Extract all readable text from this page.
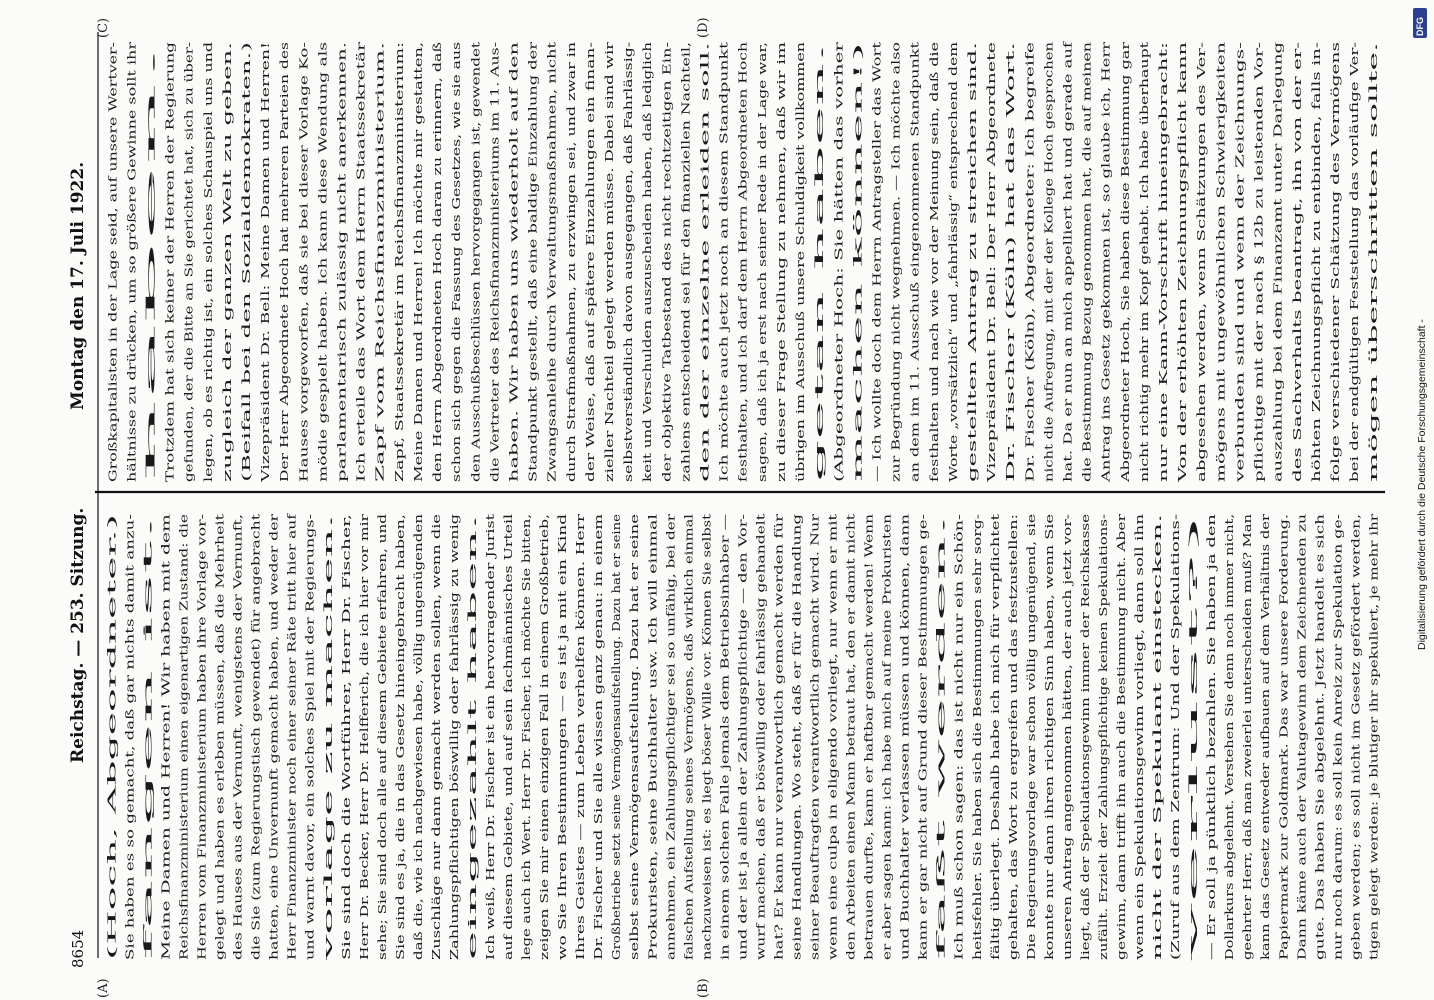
8654
Reichstag. — 253. Sitzung.
Montag den 17. Juli 1922.
(A)	(B)
(C)	(D)
(Hoch, Abgeordneter.) Sie haben es so gemacht, daß gar nichts damit anzu- fangen ist. Meine Damen und Herren! Wir haben mit dem Reichsfinanzministerium einen eigenartigen Zustand: die Herren vom Finanzministerium haben ihre Vorlage vor- gelegt und haben es erleben müssen, daß die Mehrheit des Hauses aus der Vernunft, wenigstens der Vernunft, die Sie (zum Regierungstisch gewendet) für angebracht hatten, eine Unvernunft gemacht haben, und weder der Herr Finanzminister noch einer seiner Räte tritt hier auf und warnt davor, ein solches Spiel mit der Regierungs- vorlage zu machen. Sie sind doch die Wortführer, Herr Dr. Fischer, Herr Dr. Becker, Herr Dr. Helfferich, die ich hier vor mir sehe; Sie sind doch alle auf diesem Gebiete erfahren, und Sie sind es ja, die in das Gesetz hineingebracht haben, daß die, wie ich nachgewiesen habe, völlig ungenügenden Zuschläge nur dann gemacht werden sollen, wenn die Zahlungspflichtigen böswillig oder fahrlässig zu wenig eingezahlt haben. Ich weiß, Herr Dr. Fischer ist ein hervorragender Jurist auf diesem Gebiete, und auf sein fachmännisches Urteil lege auch ich Wert. Herr Dr. Fischer, ich möchte Sie bitten, zeigen Sie mir einen einzigen Fall in einem Großbetrieb, wo Sie Ihren Bestimmungen — es ist ja mit ein Kind Ihres Geistes — zum Leben verhelfen können. Herr Dr. Fischer und Sie alle wissen ganz genau: in einem Großbetriebe setzt seine Vermögensaufstellung. Dazu hat er seine selbst seine Vermögensaufstellung. Dazu hat er seine Prokuristen, seine Buchhalter usw. Ich will einmal annehmen, ein Zahlungspflichtiger sei so unfähig, bei der falschen Aufstellung seines Vermögens, daß wirklich einmal nachzuweisen ist: es liegt böser Wille vor. Können Sie selbst in einem solchen Falle jemals dem Betriebsinhaber — und der ist ja allein der Zahlungspflichtige — den Vor- wurf machen, daß er böswillig oder fahrlässig gehandelt hat? Er kann nur verantwortlich gemacht werden für seine Handlungen. Wo steht, daß er für die Handlung seiner Beauftragten verantwortlich gemacht wird. Nur wenn eine culpa in eligendo vorliegt, nur wenn er mit den Arbeiten einen Mann betraut hat, den er damit nicht betrauen durfte, kann er haftbar gemacht werden! Wenn er aber sagen kann: ich habe mich auf meine Prokuristen und Buchhalter verlassen müssen und können, dann kann er gar nicht auf Grund dieser Bestimmungen ge- faßt werden. Ich muß schon sagen: das ist nicht nur ein Schön- heitsfehler. Sie haben sich die Bestimmungen sehr sorg- fältig überlegt. Deshalb habe ich mich für verpflichtet gehalten, das Wort zu ergreifen und das festzustellen: Die Regierungsvorlage war schon völlig ungenügend, sie konnte nur dann ihren richtigen Sinn haben, wenn Sie unseren Antrag angenommen hätten, der auch jetzt vor- liegt, daß der Spekulationsgewinn immer der Reichskasse zufällt. Erzielt der Zahlungspflichtige keinen Spekulations- gewinn, dann trifft ihn auch die Bestimmung nicht. Aber wenn ein Spekulationsgewinn vorliegt, dann soll ihn nicht der Spekulant einstecken. (Zuruf aus dem Zentrum: Und der Spekulations- verlust?) — Er soll ja pünktlich bezahlen. Sie haben ja den Dollarkurs abgelehnt. Verstehen Sie denn noch immer nicht, geehrter Herr, daß man zweierlei unterscheiden muß? Man kann das Gesetz entweder aufbauen auf dem Verhältnis der Papiermark zur Goldmark. Das war unsere Forderung. Dann käme auch der Valutagewinn dem Zeichnenden zu gute. Das haben Sie abgelehnt. Jetzt handelt es sich nur noch darum: es soll kein Anreiz zur Spekulation ge- geben werden; es soll nicht im Gesetz gefördert werden, tigen gelegt werden: je blutiger ihr spekuliert, je mehr ihr
Großkapitalisten in der Lage seid, auf unsere Wertver- hältnisse zu drücken, um so größere Gewinne sollt ihr haben. Trotzdem hat sich keiner der Herren der Regierung gefunden, der die Bitte an Sie gerichtet hat, sich zu über- legen, ob es richtig ist, ein solches Schauspiel uns und zugleich der ganzen Welt zu geben. (Beifall bei den Sozialdemokraten.) Vizepräsident Dr. Bell: Meine Damen und Herren! Der Herr Abgeordnete Hoch hat mehreren Parteien des Hauses vorgeworfen, daß sie bei dieser Vorlage Ko- mödie gespielt haben. Ich kann diese Wendung als parlamentarisch zulässig nicht anerkennen. Ich erteile das Wort dem Herrn Staatssekretär Zapf vom Reichsfinanzministerium. Zapf, Staatssekretär im Reichsfinanzministerium: Meine Damen und Herren! Ich möchte mir gestatten, den Herrn Abgeordneten Hoch daran zu erinnern, daß schon sich gegen die Fassung des Gesetzes, wie sie aus den Ausschußbeschlüssen hervorgegangen ist, gewendet die Vertreter des Reichsfinanzministeriums im 11. Aus- haben. Wir haben uns wiederholt auf den Standpunkt gestellt, daß eine baldige Einzahlung der Zwangsanleihe durch Verwaltungsmaßnahmen, nicht durch Strafmaßnahmen, zu erzwingen sei, und zwar in der Weise, daß auf spätere Einzahlungen ein finan- zieller Nachteil gelegt werden müsse. Dabei sind wir selbstverständlich davon ausgegangen, daß Fahrlässig- keit und Verschulden auszuscheiden haben, daß lediglich der objektive Tatbestand des nicht rechtzeitigen Ein- zahlens entscheidend sei für den finanziellen Nachteil, den der einzelne erleiden soll. Ich möchte auch jetzt noch an diesem Standpunkt festhalten, und ich darf dem Herrn Abgeordneten Hoch sagen, daß ich ja erst nach seiner Rede in der Lage war, zu dieser Frage Stellung zu nehmen, daß wir im übrigen im Ausschuß unsere Schuldigkeit vollkommen getan haben. (Abgeordneter Hoch: Sie hätten das vorher machen können!) — Ich wollte doch dem Herrn Antragsteller das Wort zur Begründung nicht wegnehmen. — Ich möchte also an dem im 11. Ausschuß eingenommenen Standpunkt festhalten und nach wie vor der Meinung sein, daß die Worte „vorsätzlich“ und „fahrlässig“ entsprechend dem gestellten Antrag zu streichen sind. Vizepräsident Dr. Bell: Der Herr Abgeordnete Dr. Fischer (Köln) hat das Wort. Dr. Fischer (Köln), Abgeordneter: Ich begreife nicht die Aufregung, mit der der Kollege Hoch gesprochen hat. Da er nun an mich appelliert hat und gerade auf die Bestimmung Bezug genommen hat, die auf meinen Antrag ins Gesetz gekommen ist, so glaube ich, Herr Abgeordneter Hoch, Sie haben diese Bestimmung gar nicht richtig mehr im Kopf gehabt. Ich habe überhaupt nur eine Kann-Vorschrift hineingebracht: Von der erhöhten Zeichnungspflicht kann abgesehen werden, wenn Schätzungen des Ver- mögens mit ungewöhnlichen Schwierigkeiten verbunden sind und wenn der Zeichnungs- pflichtige mit der nach § 12b zu leistenden Vor- auszahlung bei dem Finanzamt unter Darlegung des Sachverhalts beantragt, ihn von der er- höhten Zeichnungspflicht zu entbinden, falls in- folge verschiedener Schätzung des Vermögens bei der endgültigen Feststellung das vorläufige Ver- mögen überschritten sollte.
DFG
Digitalisierung gefördert durch die Deutsche Forschungsgemeinschaft -
